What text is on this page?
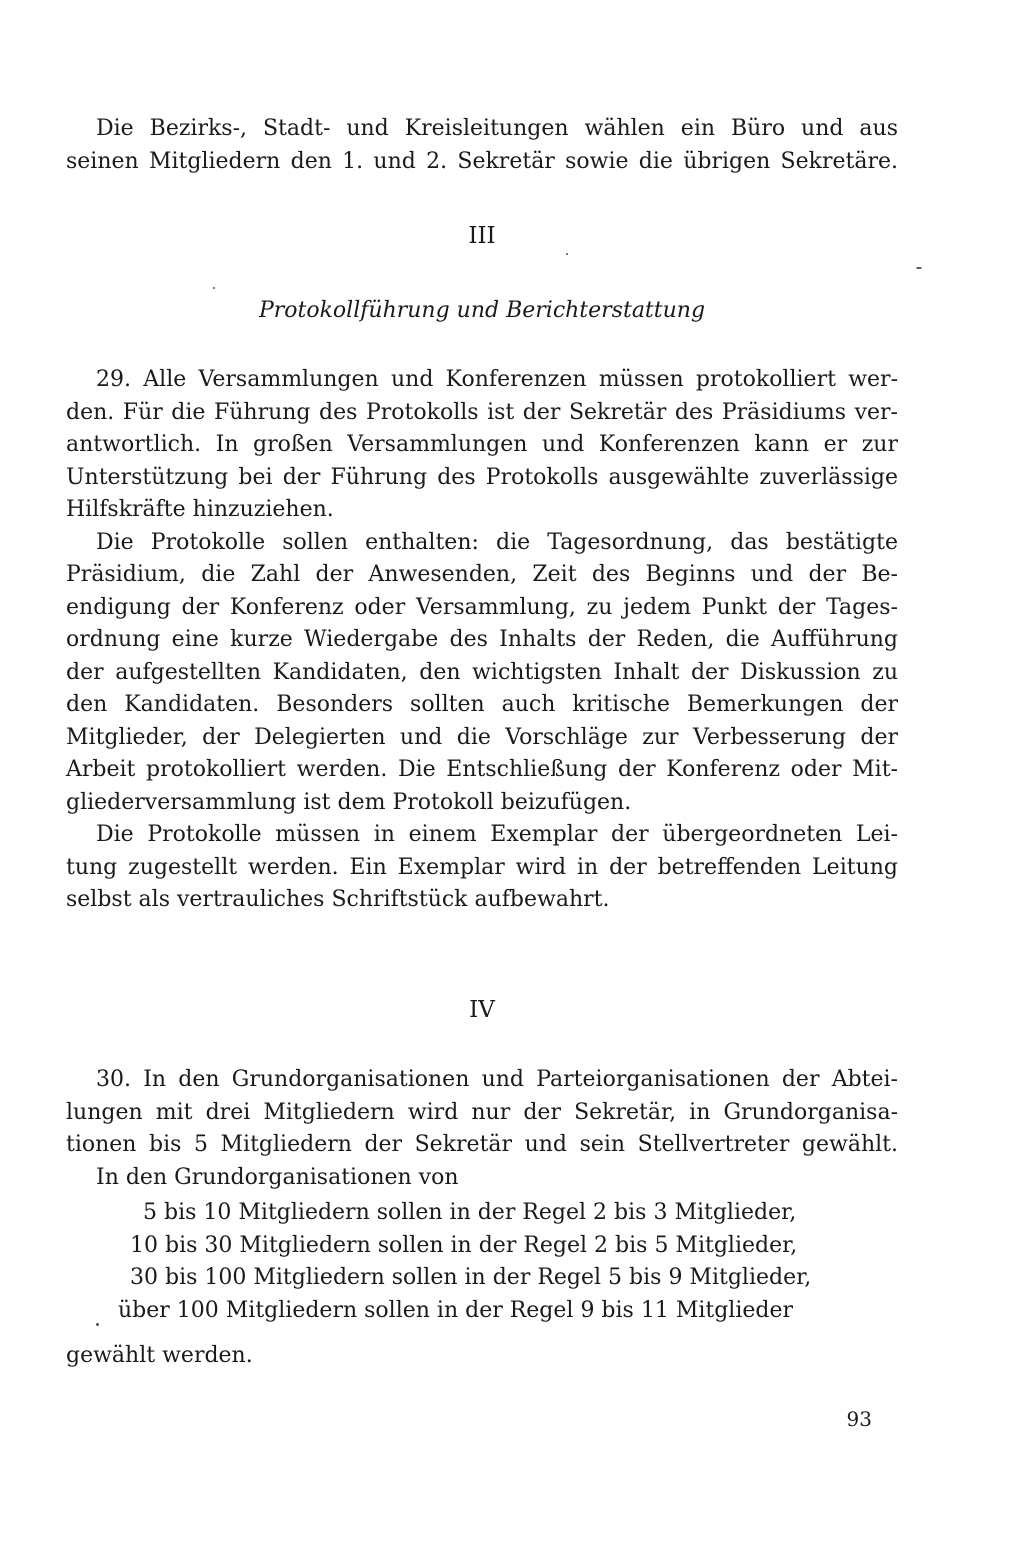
Die Bezirks-, Stadt- und Kreisleitungen wählen ein Büro und aus
seinen Mitgliedern den 1. und 2. Sekretär sowie die übrigen Sekretäre.
III
Protokollführung und Berichterstattung
29. Alle Versammlungen und Konferenzen müssen protokolliert wer-
den. Für die Führung des Protokolls ist der Sekretär des Präsidiums ver-
antwortlich. In großen Versammlungen und Konferenzen kann er zur
Unterstützung bei der Führung des Protokolls ausgewählte zuverlässige
Hilfskräfte hinzuziehen.
Die Protokolle sollen enthalten: die Tagesordnung, das bestätigte
Präsidium, die Zahl der Anwesenden, Zeit des Beginns und der Be-
endigung der Konferenz oder Versammlung, zu jedem Punkt der Tages-
ordnung eine kurze Wiedergabe des Inhalts der Reden, die Aufführung
der aufgestellten Kandidaten, den wichtigsten Inhalt der Diskussion zu
den Kandidaten. Besonders sollten auch kritische Bemerkungen der
Mitglieder, der Delegierten und die Vorschläge zur Verbesserung der
Arbeit protokolliert werden. Die Entschließung der Konferenz oder Mit-
gliederversammlung ist dem Protokoll beizufügen.
Die Protokolle müssen in einem Exemplar der übergeordneten Lei-
tung zugestellt werden. Ein Exemplar wird in der betreffenden Leitung
selbst als vertrauliches Schriftstück aufbewahrt.
IV
30. In den Grundorganisationen und Parteiorganisationen der Abtei-
lungen mit drei Mitgliedern wird nur der Sekretär, in Grundorganisa-
tionen bis 5 Mitgliedern der Sekretär und sein Stellvertreter gewählt.
In den Grundorganisationen von
5 bis 10 Mitgliedern sollen in der Regel 2 bis 3 Mitglieder,
10 bis 30 Mitgliedern sollen in der Regel 2 bis 5 Mitglieder,
30 bis 100 Mitgliedern sollen in der Regel 5 bis 9 Mitglieder,
über 100 Mitgliedern sollen in der Regel 9 bis 11 Mitglieder
gewählt werden.
93
